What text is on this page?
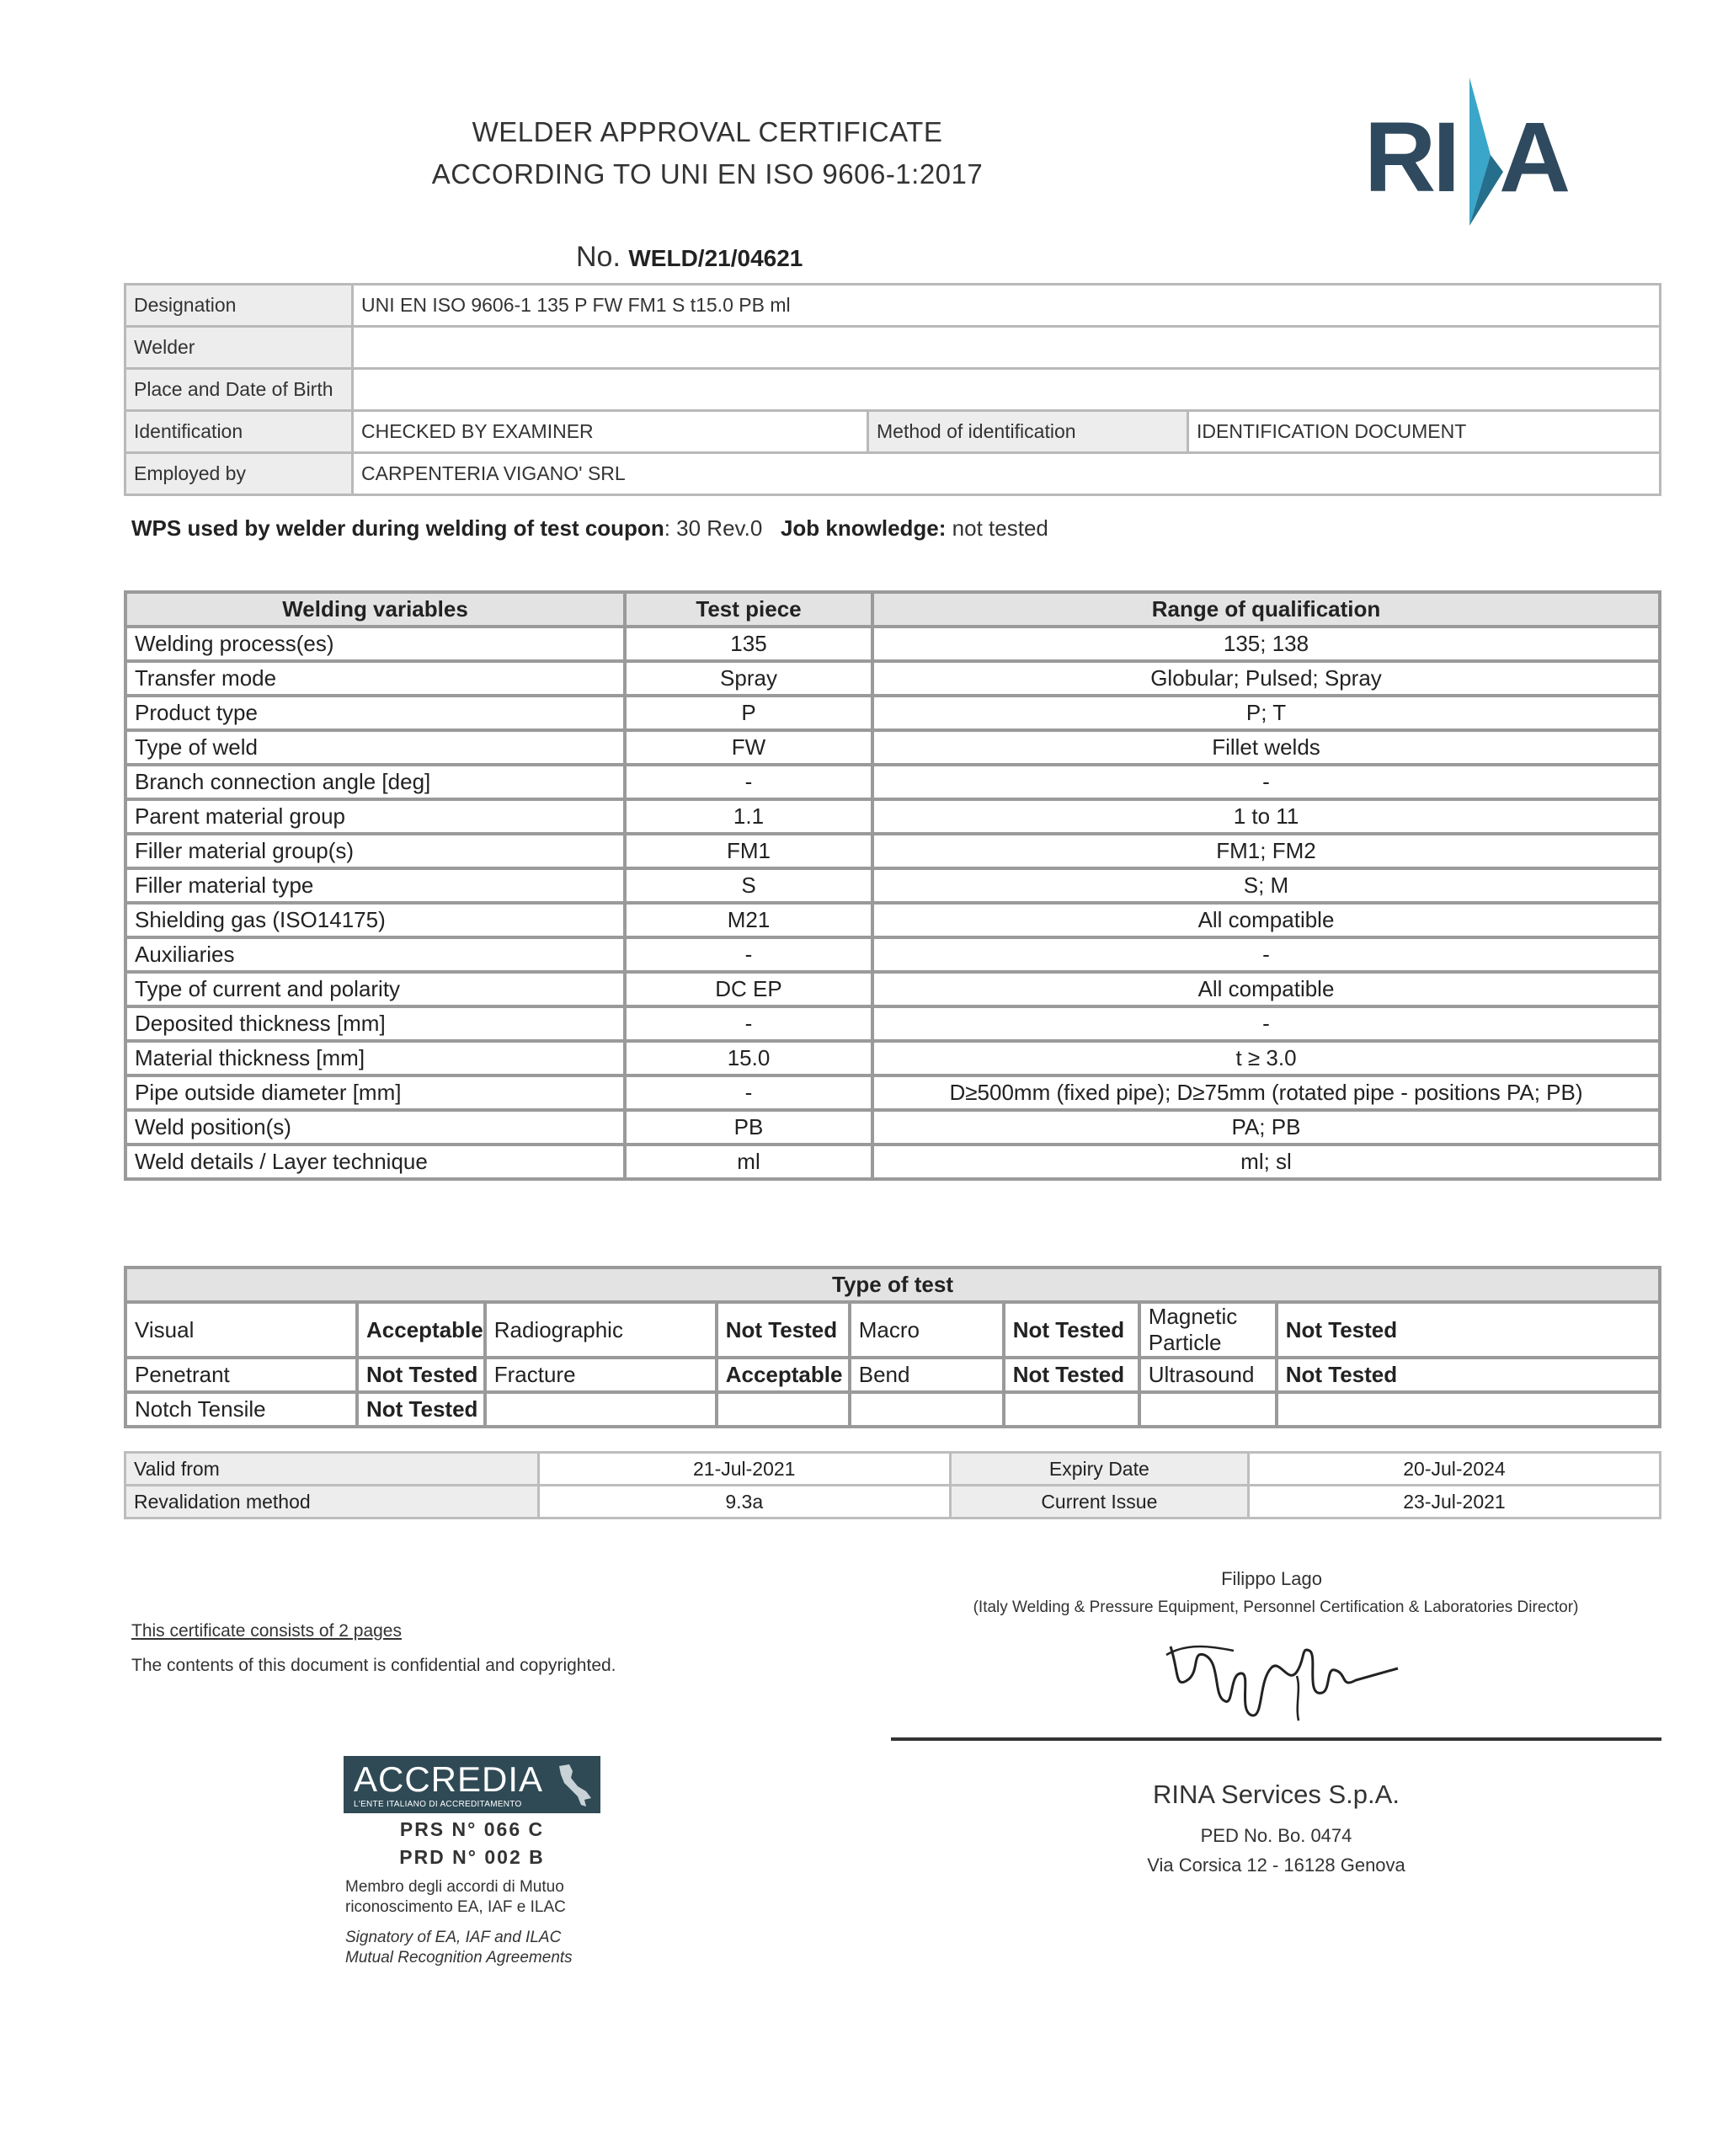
WELDER APPROVAL CERTIFICATE
ACCORDING TO UNI EN ISO 9606-1:2017
No. WELD/21/04621
RI A
Designation	UNI EN ISO 9606-1 135 P FW FM1 S t15.0 PB ml		
Welder			
Place and Date of Birth			
Identification	CHECKED BY EXAMINER	Method of identification	IDENTIFICATION DOCUMENT
Employed by	CARPENTERIA VIGANO' SRL		
WPS used by welder during welding of test coupon: 30 Rev.0 Job knowledge: not tested
Welding variables	Test piece	Range of qualification
Welding process(es)	135	135; 138
Transfer mode	Spray	Globular; Pulsed; Spray
Product type	P	P; T
Type of weld	FW	Fillet welds
Branch connection angle [deg]	-	-
Parent material group	1.1	1 to 11
Filler material group(s)	FM1	FM1; FM2
Filler material type	S	S; M
Shielding gas (ISO14175)	M21	All compatible
Auxiliaries	-	-
Type of current and polarity	DC EP	All compatible
Deposited thickness [mm]	-	-
Material thickness [mm]	15.0	t ≥ 3.0
Pipe outside diameter [mm]	-	D≥500mm (fixed pipe); D≥75mm (rotated pipe - positions PA; PB)
Weld position(s)	PB	PA; PB
Weld details / Layer technique	ml	ml; sl
Type of test							
Visual	Acceptable	Radiographic	Not Tested	Macro	Not Tested	Magnetic Particle	Not Tested
Penetrant	Not Tested	Fracture	Acceptable	Bend	Not Tested	Ultrasound	Not Tested
Notch Tensile	Not Tested						
Valid from	21-Jul-2021	Expiry Date	20-Jul-2024
Revalidation method	9.3a	Current Issue	23-Jul-2021
This certificate consists of 2 pages
The contents of this document is confidential and copyrighted.
Filippo Lago
(Italy Welding & Pressure Equipment, Personnel Certification & Laboratories Director)
RINA Services S.p.A.
PED No. Bo. 0474
Via Corsica 12 - 16128 Genova
ACCREDIA
L'ENTE ITALIANO DI ACCREDITAMENTO
PRS N° 066 C
PRD N° 002 B
Membro degli accordi di Mutuo
riconoscimento EA, IAF e ILAC
Signatory of EA, IAF and ILAC
Mutual Recognition Agreements
